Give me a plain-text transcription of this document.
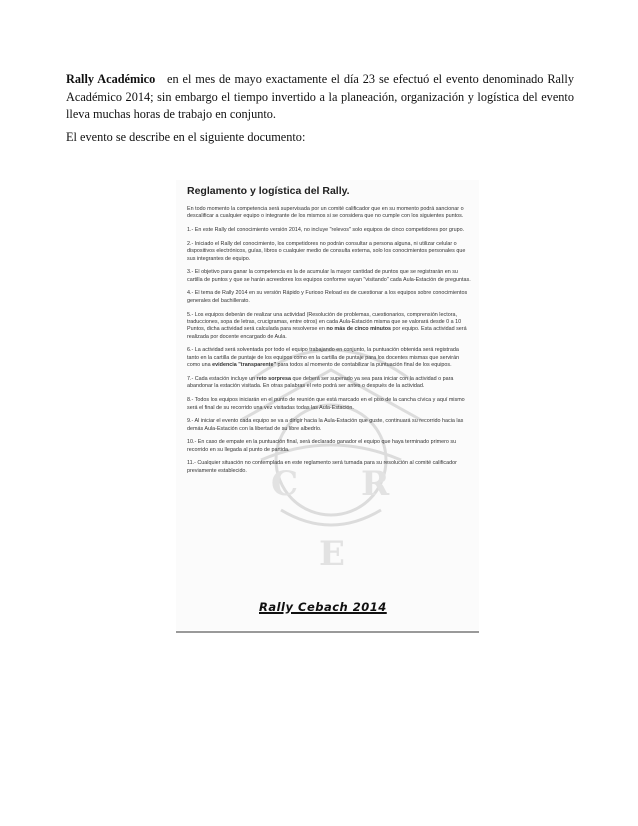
Rally Académico en el mes de mayo exactamente el día 23 se efectuó el evento denominado Rally Académico 2014; sin embargo el tiempo invertido a la planeación, organización y logística del evento lleva muchas horas de trabajo en conjunto.

El evento se describe en el siguiente documento:

C R
E
Reglamento y logística del Rally.

En todo momento la competencia será supervisada por un comité calificador que en su momento podrá sancionar o descalificar a cualquier equipo o integrante de los mismos si se considera que no cumple con los siguientes puntos.

1.- En este Rally del conocimiento versión 2014, no incluye "relevos" solo equipos de cinco competidores por grupo.

2.- Iniciado el Rally del conocimiento, los competidores no podrán consultar a persona alguna, ni utilizar celular o dispositivos electrónicos, guías, libros o cualquier medio de consulta externa, solo los conocimientos personales que sus integrantes de equipo.

3.- El objetivo para ganar la competencia es la de acumular la mayor cantidad de puntos que se registrarán en su cartilla de puntos y que se harán acreedores los equipos conforme vayan "visitando" cada Aula-Estación de preguntas.

4.- El tema de Rally 2014 en su versión Rápido y Furioso Reload es de cuestionar a los equipos sobre conocimientos generales del bachillerato.

5.- Los equipos deberán de realizar una actividad (Resolución de problemas, cuestionarios, comprensión lectora, traducciones, sopa de letras, crucigramas, entre otros) en cada Aula-Estación misma que se valorará desde 0 a 10 Puntos, dicha actividad será calculada para resolverse en no más de cinco minutos por equipo. Esta actividad será realizada por docente encargado de Aula.

6.- La actividad será solventada por todo el equipo trabajando en conjunto, la puntuación obtenida será registrada tanto en la cartilla de puntaje de los equipos como en la cartilla de puntaje para los docentes mismas que servirán como una evidencia "transparente" para todos al momento de contabilizar la puntuación final de los equipos.

7.- Cada estación incluye un reto sorpresa que deberá ser superado ya sea para iniciar con la actividad o para abandonar la estación visitada. En otras palabras el reto podrá ser antes o después de la actividad.

8.- Todos los equipos iniciarán en el punto de reunión que está marcado en el piso de la cancha cívica y aquí mismo será el final de su recorrido una vez visitadas todas las Aula-Estación.

9.- Al iniciar el evento cada equipo se va a dirigir hacia la Aula-Estación que guste, continuará su recorrido hacia las demás Aula-Estación con la libertad de su libre albedrío.

10.- En caso de empate en la puntuación final, será declarado ganador el equipo que haya terminado primero su recorrido en su llegada al punto de partida.

11.- Cualquier situación no contemplada en este reglamento será turnada para su resolución al comité calificador previamente establecido.

Rally Cebach 2014
